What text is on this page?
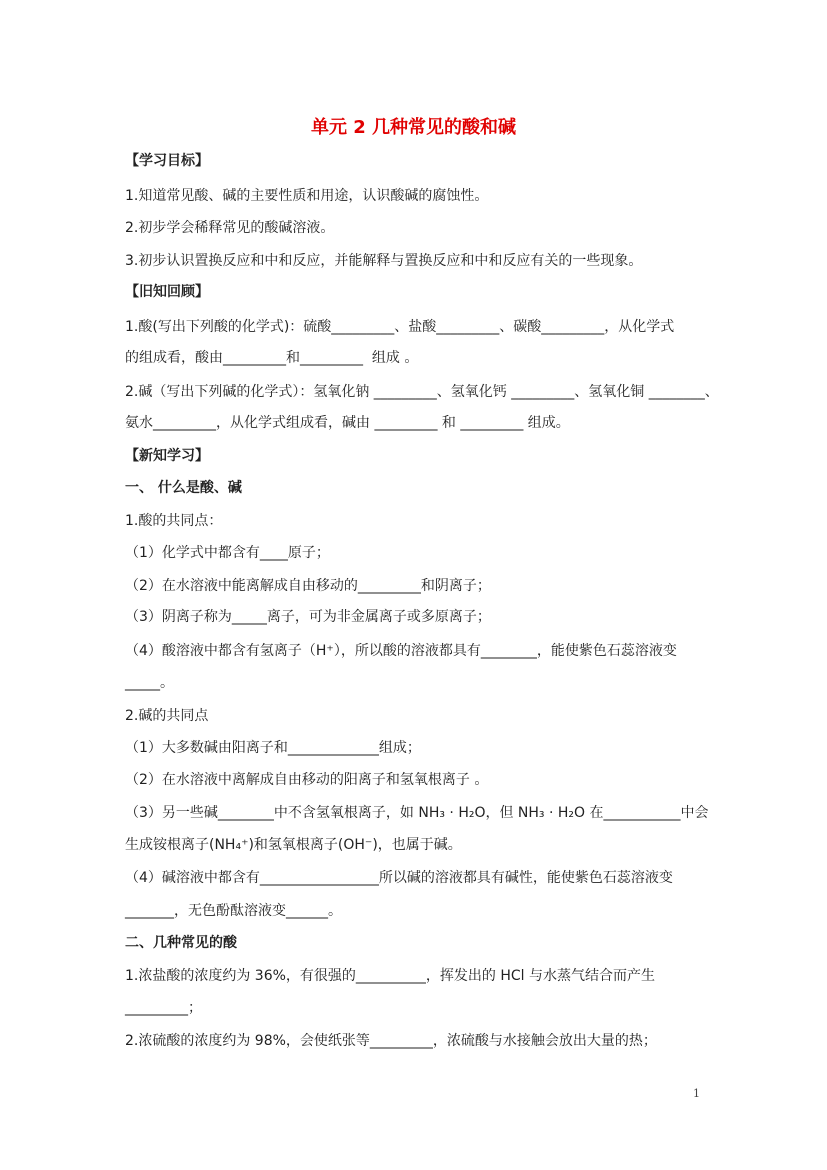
单元 2 几种常见的酸和碱
【学习目标】
1.知道常见酸、碱的主要性质和用途，认识酸碱的腐蚀性。
2.初步学会稀释常见的酸碱溶液。
3.初步认识置换反应和中和反应，并能解释与置换反应和中和反应有关的一些现象。
【旧知回顾】
1.酸(写出下列酸的化学式)：硫酸_________、盐酸_________、碳酸_________，从化学式
的组成看，酸由_________和_________  组成 。
2.碱（写出下列碱的化学式）：氢氧化钠 _________、氢氧化钙 _________、氢氧化铜 ________、
氨水_________，从化学式组成看，碱由 _________ 和 _________ 组成。
【新知学习】
一、 什么是酸、碱
1.酸的共同点：
（1）化学式中都含有____原子；
（2）在水溶液中能离解成自由移动的_________和阴离子；
（3）阴离子称为_____离子，可为非金属离子或多原离子；
（4）酸溶液中都含有氢离子（H⁺），所以酸的溶液都具有________，能使紫色石蕊溶液变
_____。
2.碱的共同点
（1）大多数碱由阳离子和_____________组成；
（2）在水溶液中离解成自由移动的阳离子和氢氧根离子 。
（3）另一些碱________中不含氢氧根离子，如 NH₃ · H₂O，但 NH₃ · H₂O 在___________中会
生成铵根离子(NH₄⁺)和氢氧根离子(OH⁻)，也属于碱。
（4）碱溶液中都含有_________________所以碱的溶液都具有碱性，能使紫色石蕊溶液变
_______，无色酚酞溶液变______。
二、几种常见的酸
1.浓盐酸的浓度约为 36%，有很强的__________，挥发出的 HCl 与水蒸气结合而产生
_________；
2.浓硫酸的浓度约为 98%，会使纸张等_________，浓硫酸与水接触会放出大量的热；
1
